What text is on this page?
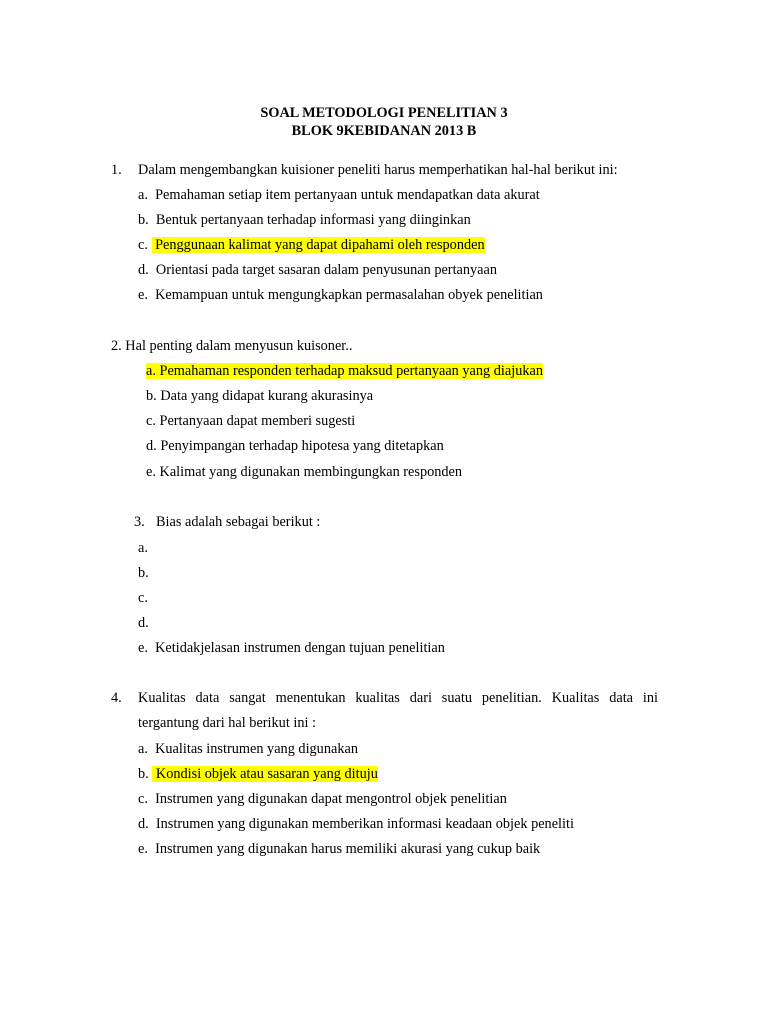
SOAL METODOLOGI PENELITIAN 3
BLOK 9KEBIDANAN 2013 B
1. Dalam mengembangkan kuisioner peneliti harus memperhatikan hal-hal berikut ini:
a. Pemahaman setiap item pertanyaan untuk mendapatkan data akurat
b. Bentuk pertanyaan terhadap informasi yang diinginkan
c. Penggunaan kalimat yang dapat dipahami oleh responden
d. Orientasi pada target sasaran dalam penyusunan pertanyaan
e. Kemampuan untuk mengungkapkan permasalahan obyek penelitian
2. Hal penting dalam menyusun kuisoner..
a. Pemahaman responden terhadap maksud pertanyaan yang diajukan
b. Data yang didapat kurang akurasinya
c. Pertanyaan dapat memberi sugesti
d. Penyimpangan terhadap hipotesa yang ditetapkan
e. Kalimat yang digunakan membingungkan responden
3. Bias adalah sebagai berikut :
a.
b.
c.
d.
e. Ketidakjelasan instrumen dengan tujuan penelitian
4. Kualitas data sangat menentukan kualitas dari suatu penelitian. Kualitas data ini
tergantung dari hal berikut ini :
a. Kualitas instrumen yang digunakan
b. Kondisi objek atau sasaran yang dituju
c. Instrumen yang digunakan dapat mengontrol objek penelitian
d. Instrumen yang digunakan memberikan informasi keadaan objek peneliti
e. Instrumen yang digunakan harus memiliki akurasi yang cukup baik
